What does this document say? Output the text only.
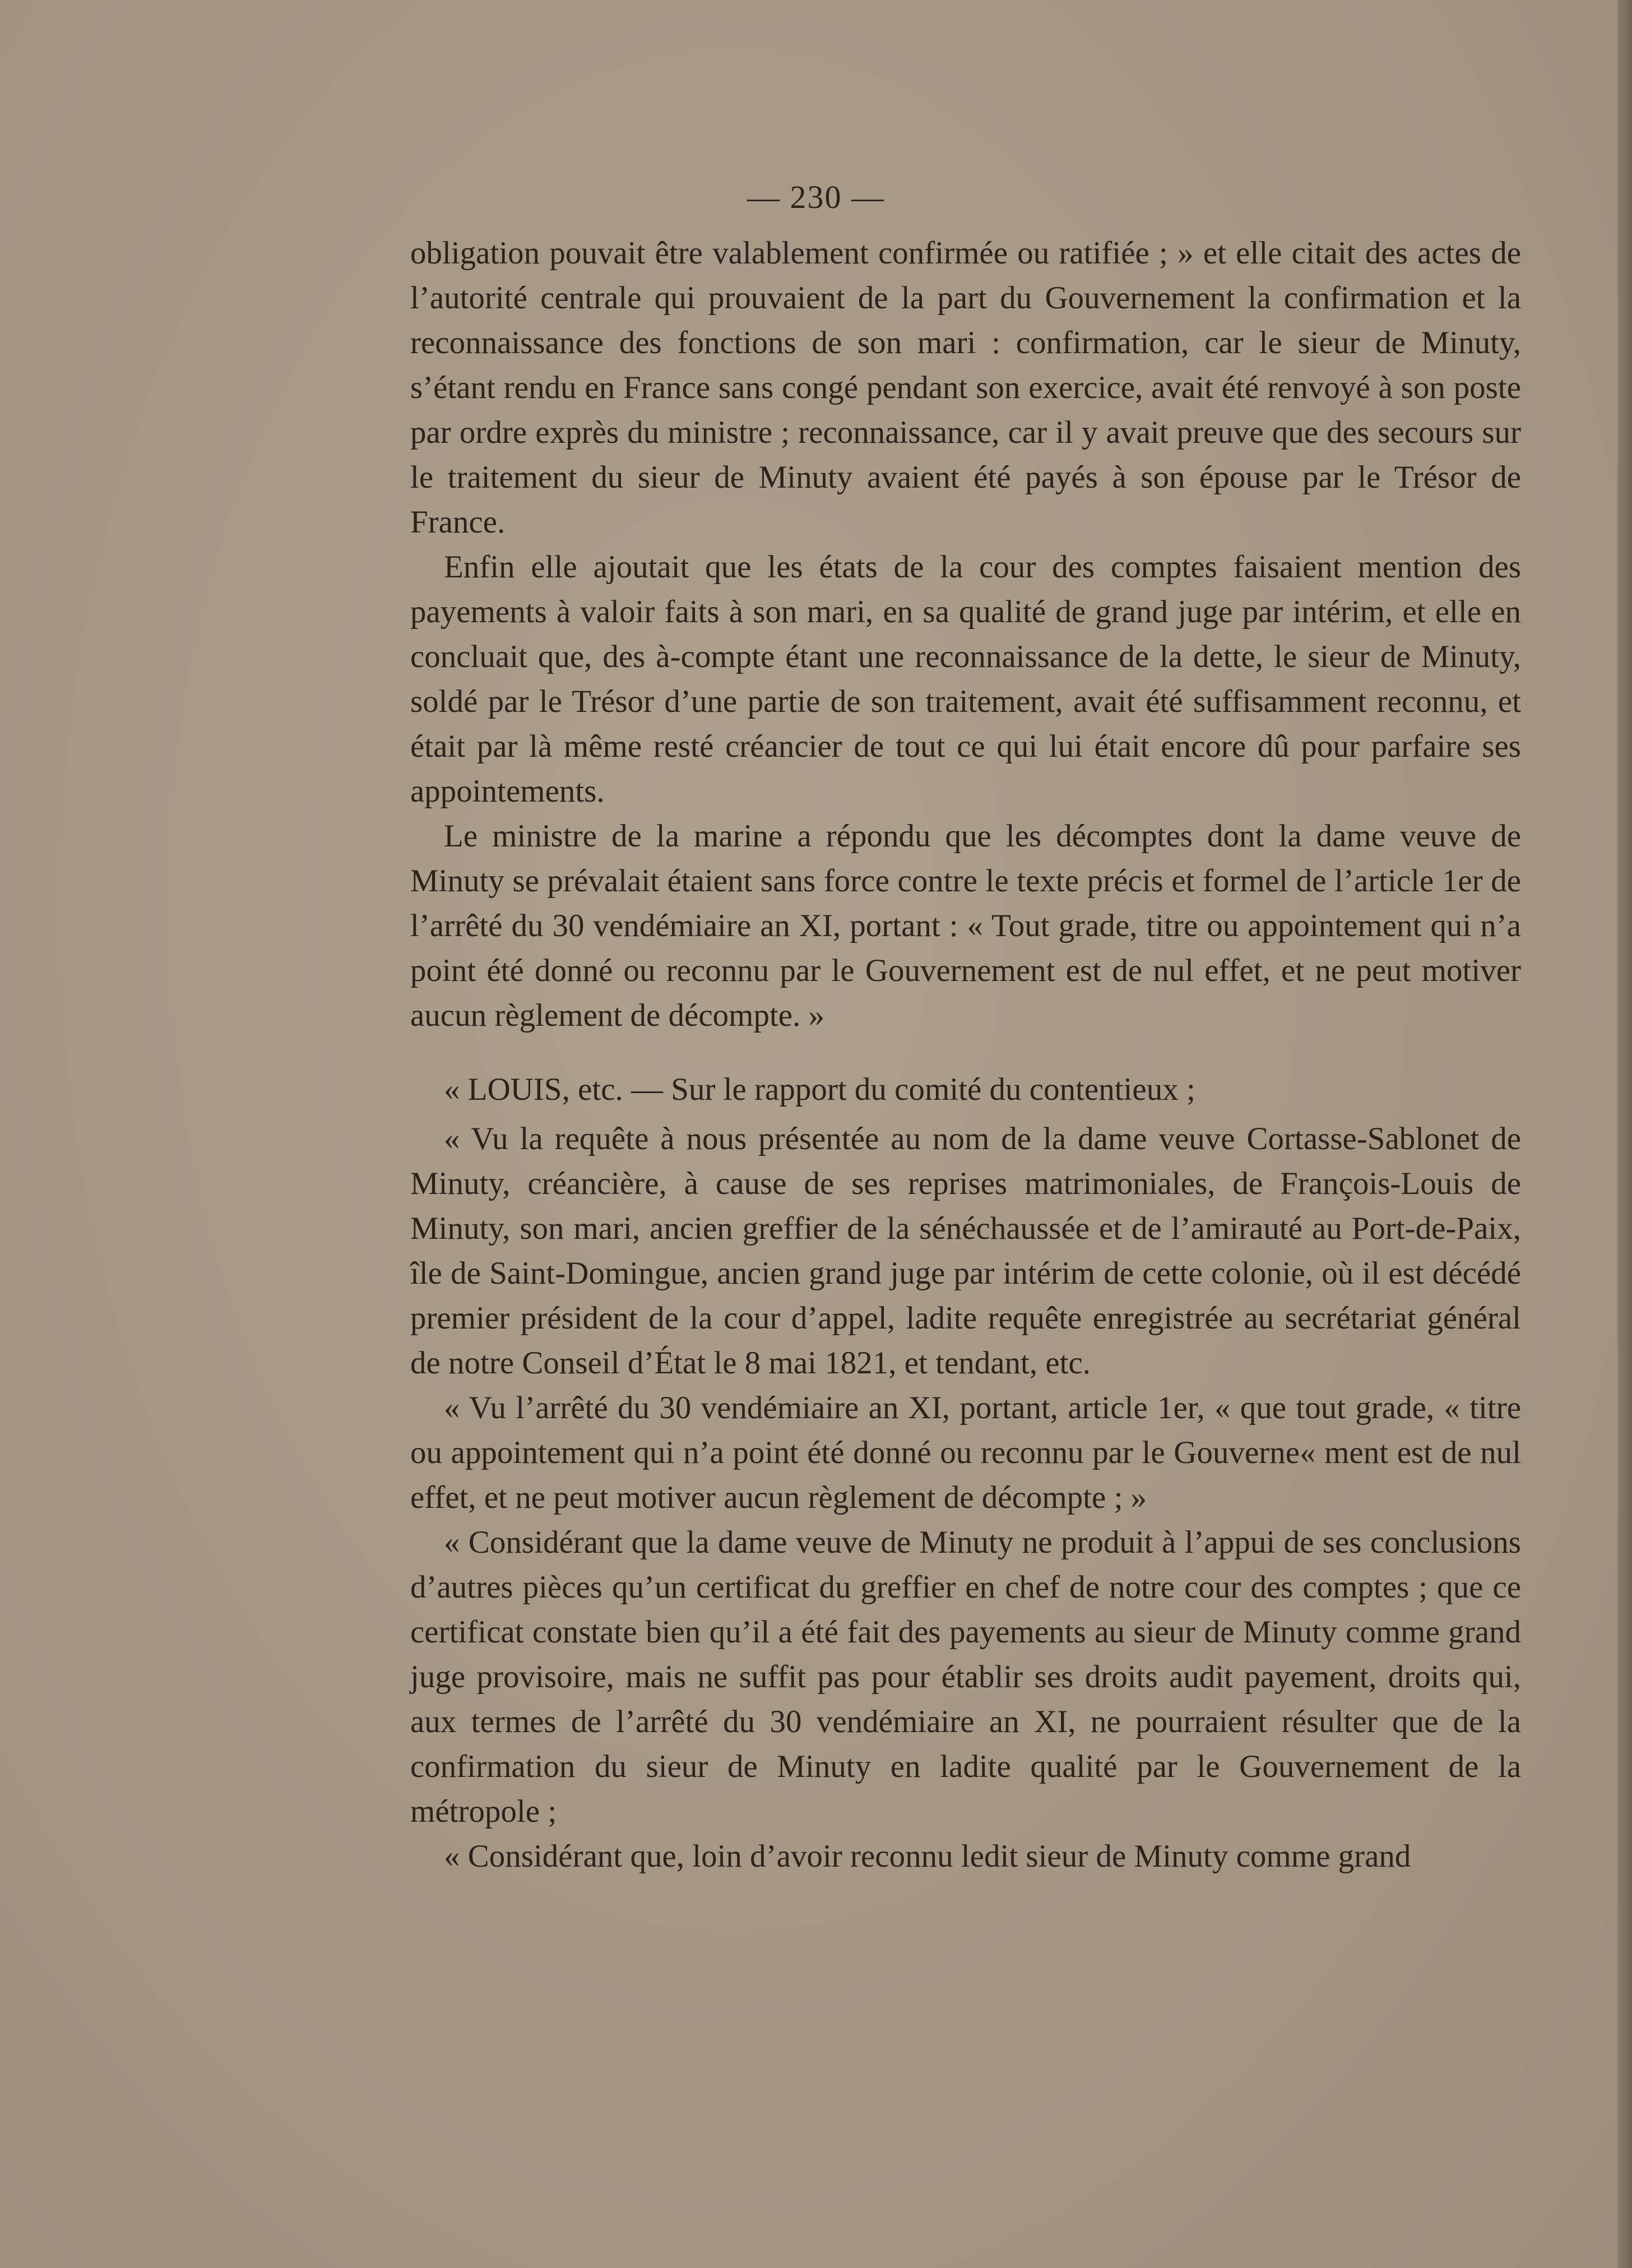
— 230 —

obligation pouvait être valablement confirmée ou ratifiée ; » et elle citait des actes de l’autorité centrale qui prouvaient de la part du Gouvernement la confirmation et la reconnaissance des fonctions de son mari : confirmation, car le sieur de Minuty, s’étant rendu en France sans congé pendant son exercice, avait été renvoyé à son poste par ordre exprès du ministre ; reconnaissance, car il y avait preuve que des secours sur le traitement du sieur de Minuty avaient été payés à son épouse par le Trésor de France.

Enfin elle ajoutait que les états de la cour des comptes faisaient mention des payements à valoir faits à son mari, en sa qualité de grand juge par intérim, et elle en concluait que, des à-compte étant une reconnaissance de la dette, le sieur de Minuty, soldé par le Trésor d’une partie de son traitement, avait été suffisamment reconnu, et était par là même resté créancier de tout ce qui lui était encore dû pour parfaire ses appointements.

Le ministre de la marine a répondu que les décomptes dont la dame veuve de Minuty se prévalait étaient sans force contre le texte précis et formel de l’article 1er de l’arrêté du 30 vendémiaire an XI, portant : « Tout grade, titre ou appointement qui n’a point été donné ou reconnu par le Gouvernement est de nul effet, et ne peut motiver aucun règlement de décompte. »

« LOUIS, etc. — Sur le rapport du comité du contentieux ;

« Vu la requête à nous présentée au nom de la dame veuve Cortasse-Sablonet de Minuty, créancière, à cause de ses reprises matrimoniales, de François-Louis de Minuty, son mari, ancien greffier de la sénéchaussée et de l’amirauté au Port-de-Paix, île de Saint-Domingue, ancien grand juge par intérim de cette colonie, où il est décédé premier président de la cour d’appel, ladite requête enregistrée au secrétariat général de notre Conseil d’État le 8 mai 1821, et tendant, etc.

« Vu l’arrêté du 30 vendémiaire an XI, portant, article 1er, « que tout grade, « titre ou appointement qui n’a point été donné ou reconnu par le Gouverne« ment est de nul effet, et ne peut motiver aucun règlement de décompte ; »

« Considérant que la dame veuve de Minuty ne produit à l’appui de ses conclusions d’autres pièces qu’un certificat du greffier en chef de notre cour des comptes ; que ce certificat constate bien qu’il a été fait des payements au sieur de Minuty comme grand juge provisoire, mais ne suffit pas pour établir ses droits audit payement, droits qui, aux termes de l’arrêté du 30 vendémiaire an XI, ne pourraient résulter que de la confirmation du sieur de Minuty en ladite qualité par le Gouvernement de la métropole ;

« Considérant que, loin d’avoir reconnu ledit sieur de Minuty comme grand
